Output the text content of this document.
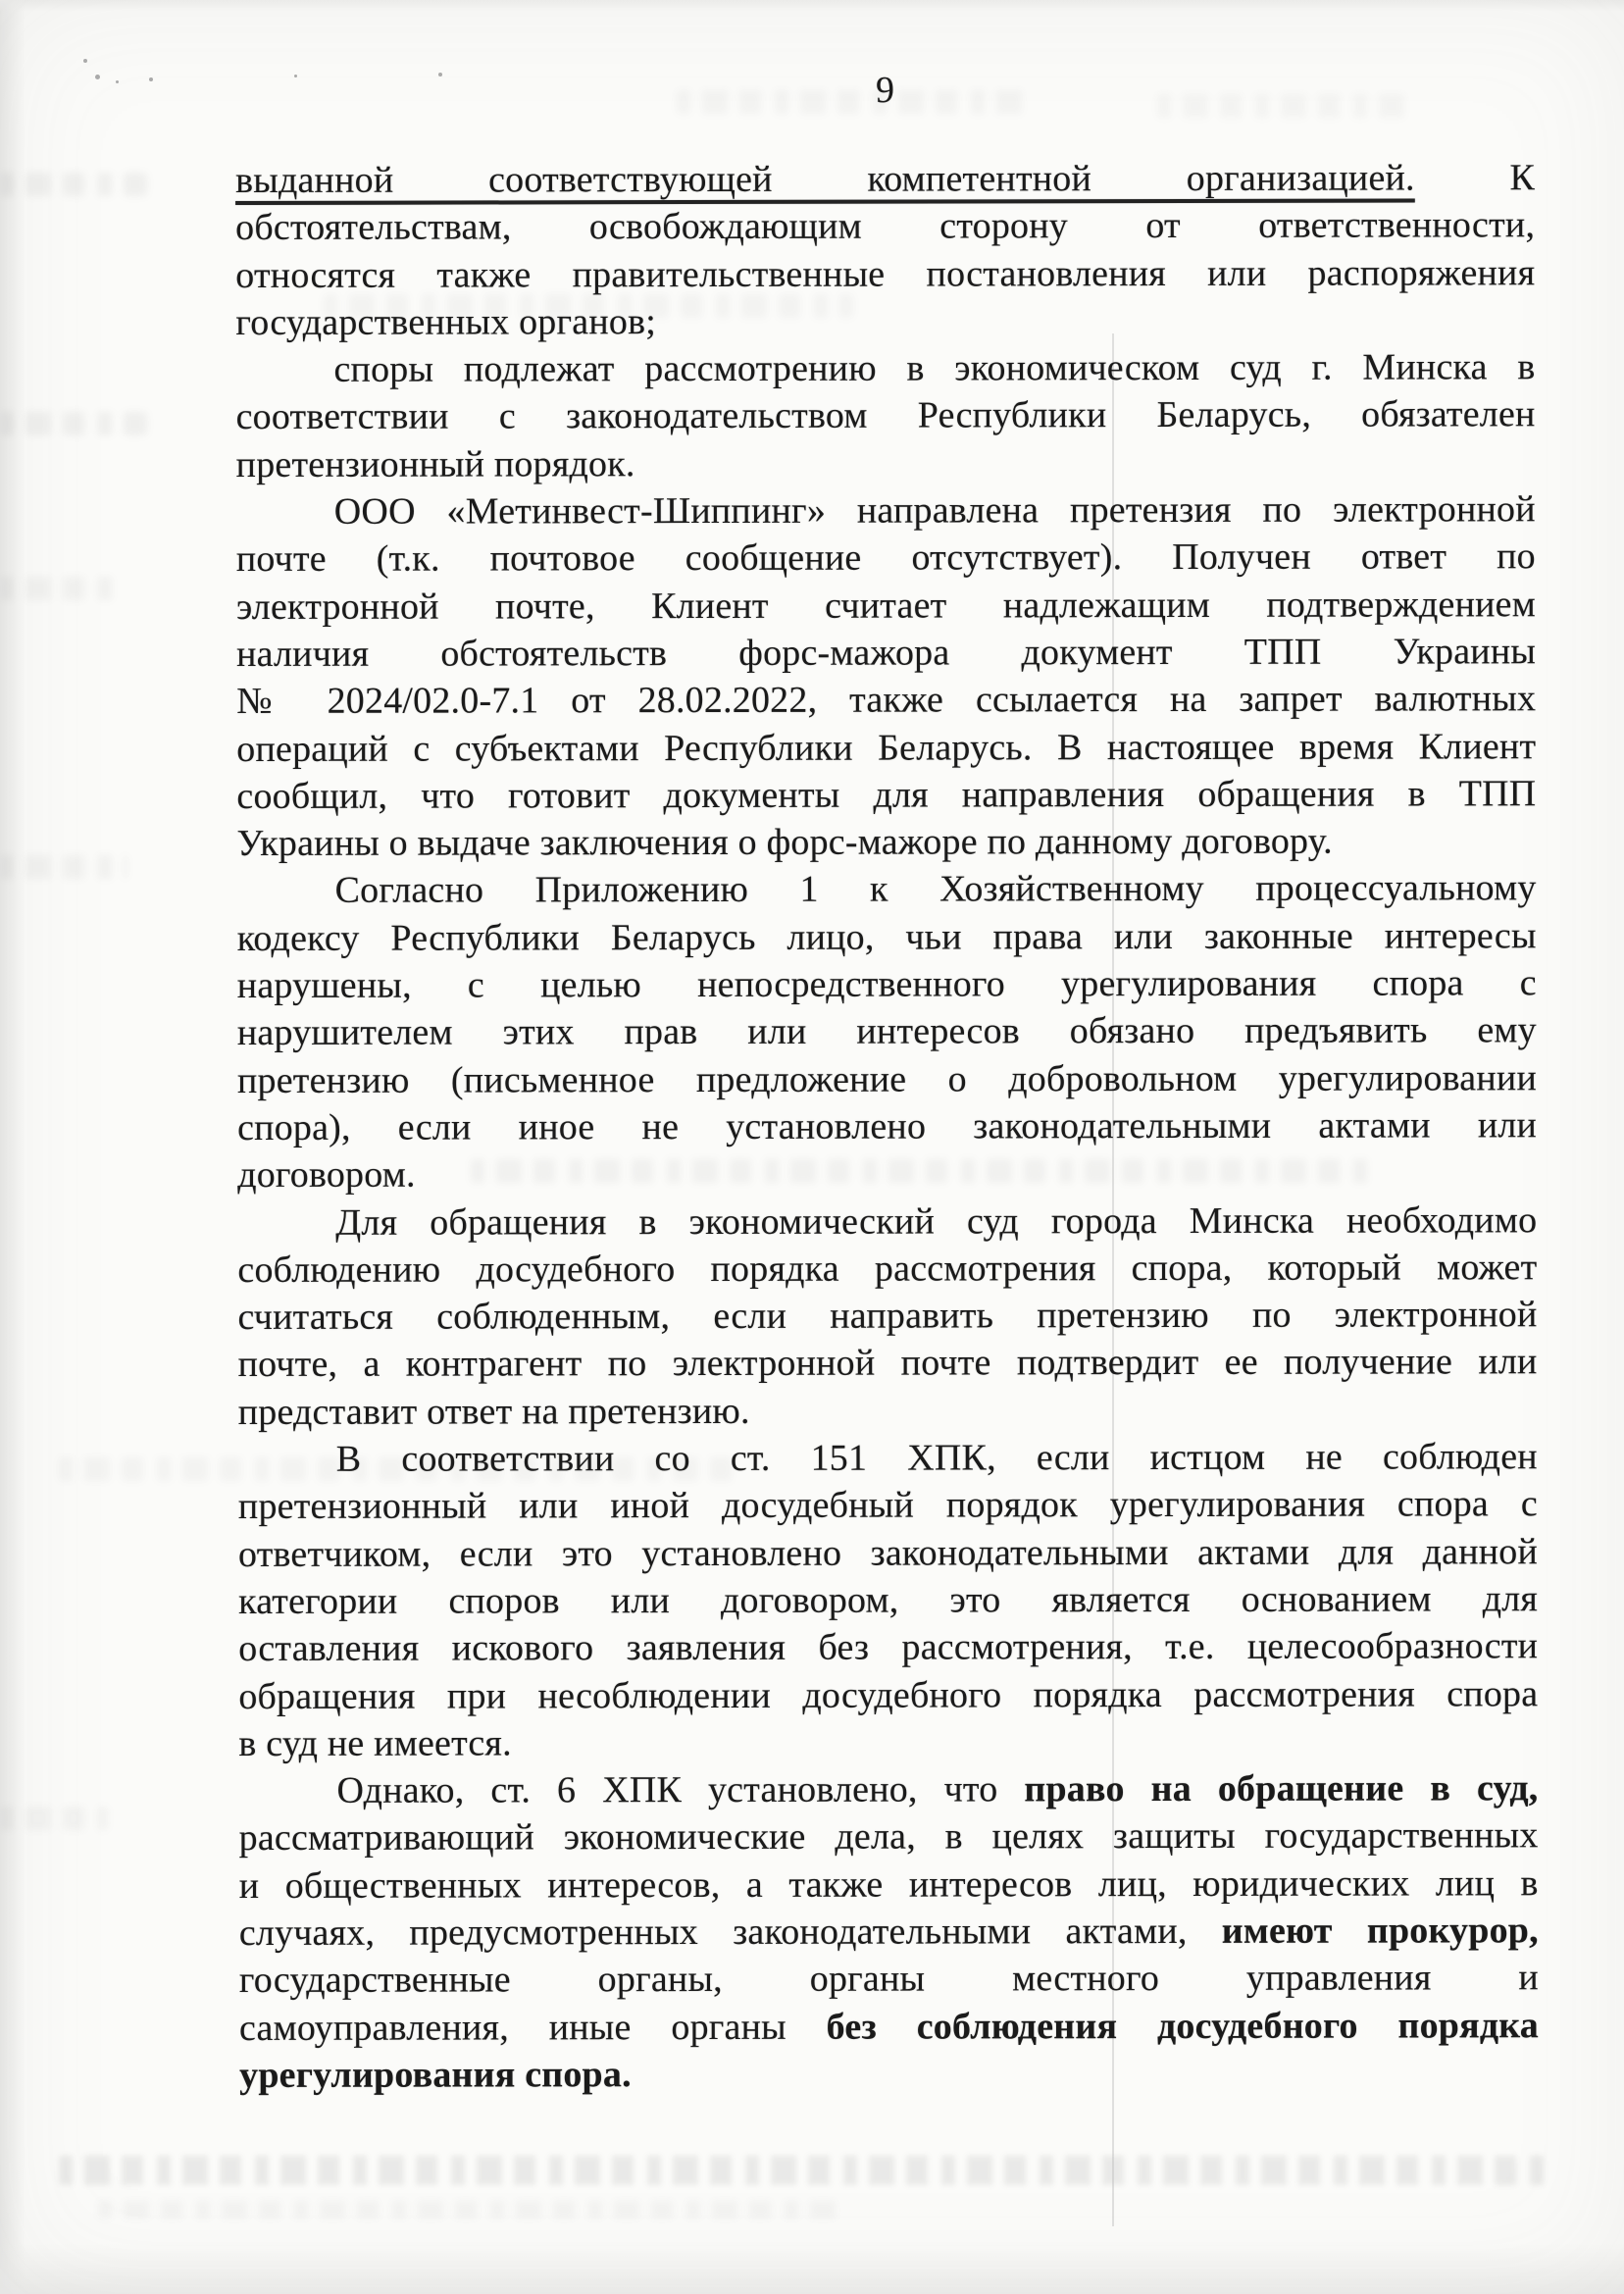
9
выданной соответствующей компетентной организацией. К
обстоятельствам, освобождающим сторону от ответственности,
относятся также правительственные постановления или распоряжения
государственных органов;
споры подлежат рассмотрению в экономическом суд г. Минска в
соответствии с законодательством Республики Беларусь, обязателен
претензионный порядок.
ООО «Метинвест-Шиппинг» направлена претензия по электронной
почте (т.к. почтовое сообщение отсутствует). Получен ответ по
электронной почте, Клиент считает надлежащим подтверждением
наличия обстоятельств форс-мажора документ ТПП Украины
№ 2024/02.0-7.1 от 28.02.2022, также ссылается на запрет валютных
операций с субъектами Республики Беларусь. В настоящее время Клиент
сообщил, что готовит документы для направления обращения в ТПП
Украины о выдаче заключения о форс-мажоре по данному договору.
Согласно Приложению 1 к Хозяйственному процессуальному
кодексу Республики Беларусь лицо, чьи права или законные интересы
нарушены, с целью непосредственного урегулирования спора с
нарушителем этих прав или интересов обязано предъявить ему
претензию (письменное предложение о добровольном урегулировании
спора), если иное не установлено законодательными актами или
договором.
Для обращения в экономический суд города Минска необходимо
соблюдению досудебного порядка рассмотрения спора, который может
считаться соблюденным, если направить претензию по электронной
почте, а контрагент по электронной почте подтвердит ее получение или
представит ответ на претензию.
В соответствии со ст. 151 ХПК, если истцом не соблюден
претензионный или иной досудебный порядок урегулирования спора с
ответчиком, если это установлено законодательными актами для данной
категории споров или договором, это является основанием для
оставления искового заявления без рассмотрения, т.е. целесообразности
обращения при несоблюдении досудебного порядка рассмотрения спора
в суд не имеется.
Однако, ст. 6 ХПК установлено, что право на обращение в суд,
рассматривающий экономические дела, в целях защиты государственных
и общественных интересов, а также интересов лиц, юридических лиц в
случаях, предусмотренных законодательными актами, имеют прокурор,
государственные органы, органы местного управления и
самоуправления, иные органы без соблюдения досудебного порядка
урегулирования спора.
